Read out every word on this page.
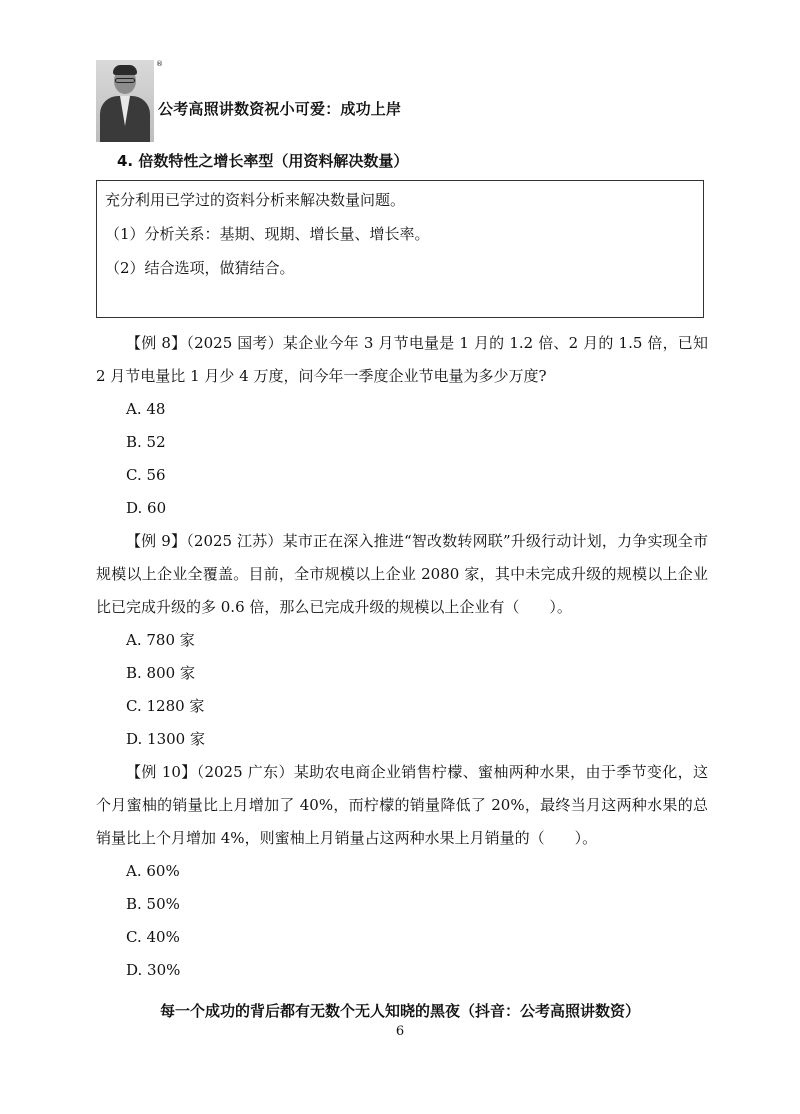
®
公考高照讲数资祝小可爱：成功上岸
4. 倍数特性之增长率型（用资料解决数量）

充分利用已学过的资料分析来解决数量问题。

（1）分析关系：基期、现期、增长量、增长率。

（2）结合选项，做猜结合。

【例 8】（2025 国考）某企业今年 3 月节电量是 1 月的 1.2 倍、2 月的 1.5 倍，已知 2 月节电量比 1 月少 4 万度，问今年一季度企业节电量为多少万度?

A. 48

B. 52

C. 56

D. 60

【例 9】（2025 江苏）某市正在深入推进“智改数转网联”升级行动计划，力争实现全市规模以上企业全覆盖。目前，全市规模以上企业 2080 家，其中未完成升级的规模以上企业比已完成升级的多 0.6 倍，那么已完成升级的规模以上企业有（　　）。

A. 780 家

B. 800 家

C. 1280 家

D. 1300 家

【例 10】（2025 广东）某助农电商企业销售柠檬、蜜柚两种水果，由于季节变化，这个月蜜柚的销量比上月增加了 40%，而柠檬的销量降低了 20%，最终当月这两种水果的总销量比上个月增加 4%，则蜜柚上月销量占这两种水果上月销量的（　　）。

A. 60%

B. 50%

C. 40%

D. 30%

每一个成功的背后都有无数个无人知晓的黑夜（抖音：公考高照讲数资）
6
